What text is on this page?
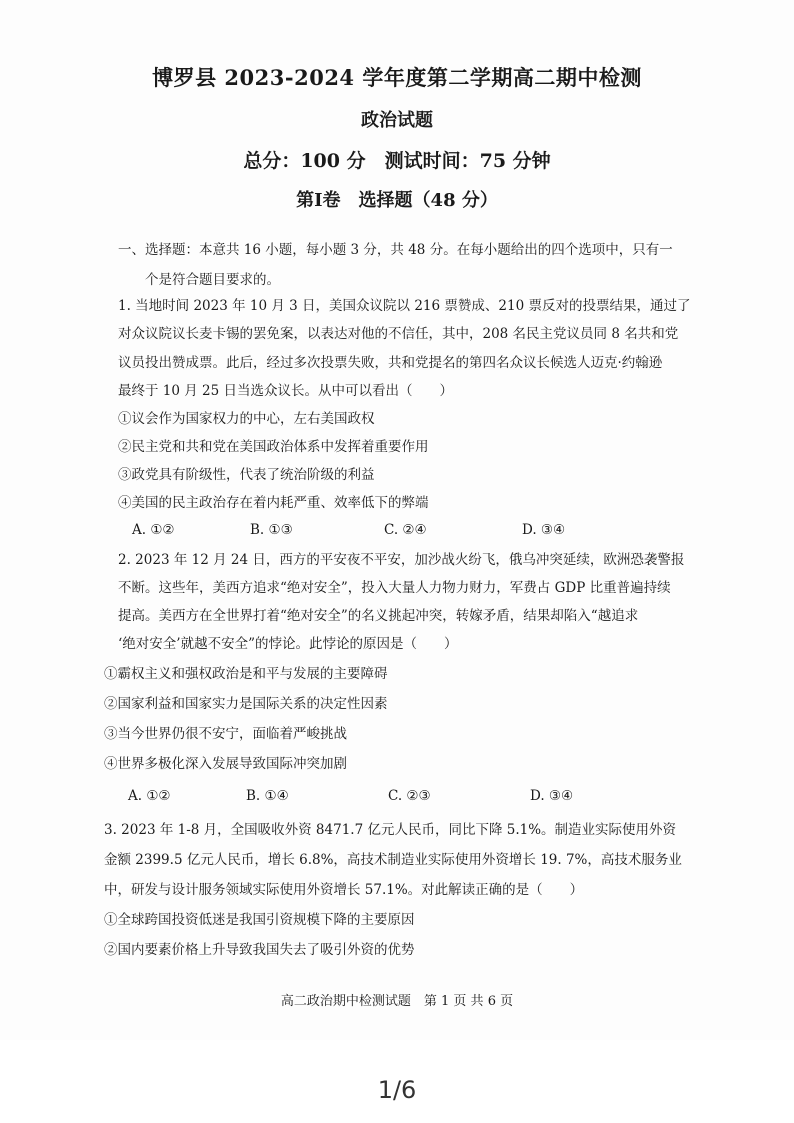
博罗县 2023-2024 学年度第二学期高二期中检测
政治试题
总分：100 分　测试时间：75 分钟
第Ⅰ卷　选择题（48 分）
一、选择题：本意共 16 小题，每小题 3 分，共 48 分。在每小题给出的四个选项中，只有一
个是符合题目要求的。
1. 当地时间 2023 年 10 月 3 日，美国众议院以 216 票赞成、210 票反对的投票结果，通过了
对众议院议长麦卡锡的罢免案，以表达对他的不信任，其中，208 名民主党议员同 8 名共和党
议员投出赞成票。此后，经过多次投票失败，共和党提名的第四名众议长候选人迈克·约翰逊
最终于 10 月 25 日当选众议长。从中可以看出（　　）
①议会作为国家权力的中心，左右美国政权
②民主党和共和党在美国政治体系中发挥着重要作用
③政党具有阶级性，代表了统治阶级的利益
④美国的民主政治存在着内耗严重、效率低下的弊端
A. ①②	B. ①③	C. ②④	D. ③④
2. 2023 年 12 月 24 日，西方的平安夜不平安，加沙战火纷飞，俄乌冲突延续，欧洲恐袭警报
不断。这些年，美西方追求“绝对安全”，投入大量人力物力财力，军费占 GDP 比重普遍持续
提高。美西方在全世界打着“绝对安全”的名义挑起冲突，转嫁矛盾，结果却陷入“越追求
‘绝对安全’就越不安全”的悖论。此悖论的原因是（　　）
①霸权主义和强权政治是和平与发展的主要障碍
②国家利益和国家实力是国际关系的决定性因素
③当今世界仍很不安宁，面临着严峻挑战
④世界多极化深入发展导致国际冲突加剧
A. ①②	B. ①④	C. ②③	D. ③④
3. 2023 年 1-8 月，全国吸收外资 8471.7 亿元人民币，同比下降 5.1%。制造业实际使用外资
金额 2399.5 亿元人民币，增长 6.8%，高技术制造业实际使用外资增长 19. 7%，高技术服务业
中，研发与设计服务领域实际使用外资增长 57.1%。对此解读正确的是（　　）
①全球跨国投资低迷是我国引资规模下降的主要原因
②国内要素价格上升导致我国失去了吸引外资的优势
高二政治期中检测试题　第 1 页 共 6 页
1/6
